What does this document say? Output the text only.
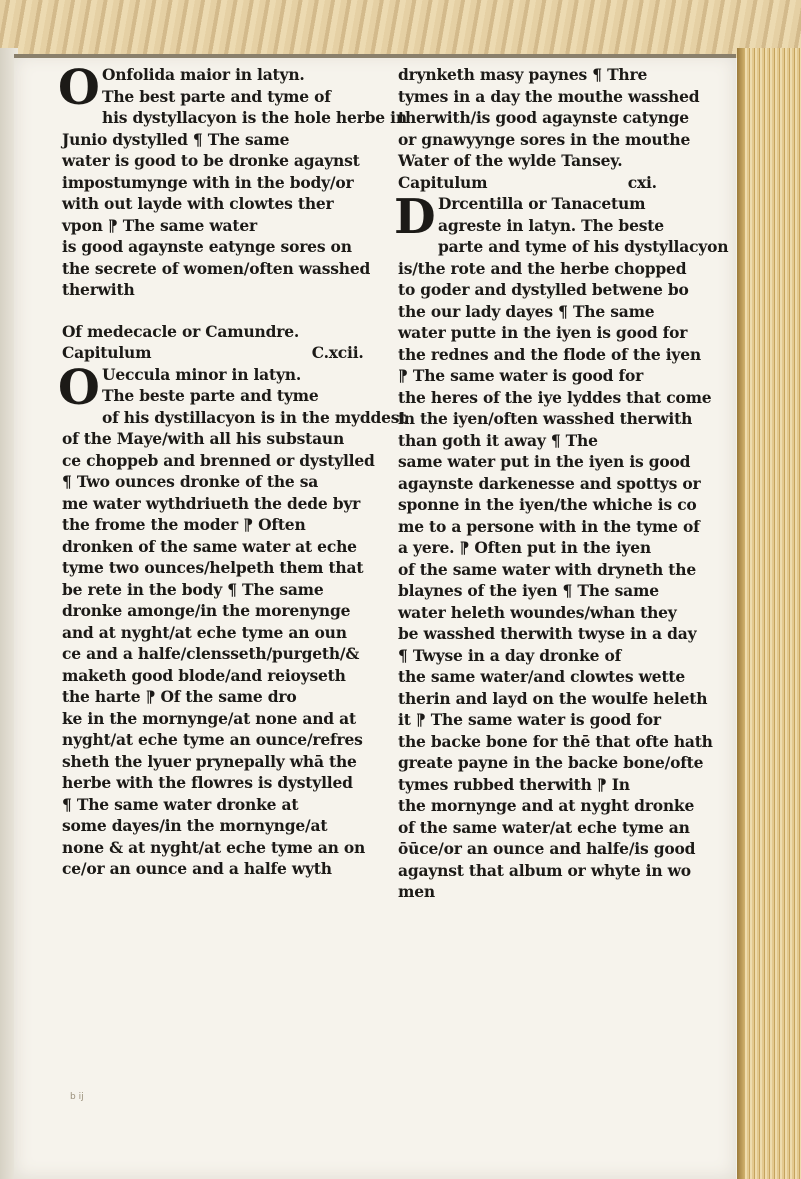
O Onfolida maior in latyn.
The best parte and tyme of
his dystyllacyon is the hole herbe in
Junio dystylled ¶ The same
water is good to be dronke agaynst
impostumynge with in the body/or
with out layde with clowtes ther
vpon ⁋ The same water
is good agaynste eatynge sores on
the secrete of women/often wasshed
therwith
Of medecacle or Camundre.
Capitulum	C.xcii.
O Ueccula minor in latyn.
The beste parte and tyme
of his dystillacyon is in the myddest
of the Maye/with all his substaun
ce choppeb and brenned or dystylled
¶ Two ounces dronke of the sa
me water wythdriueth the dede byr
the frome the moder ⁋ Often
dronken of the same water at eche
tyme two ounces/helpeth them that
be rete in the body ¶ The same
dronke amonge/in the morenynge
and at nyght/at eche tyme an oun
ce and a halfe/clensseth/purgeth/&
maketh good blode/and reioyseth
the harte ⁋ Of the same dro
ke in the mornynge/at none and at
nyght/at eche tyme an ounce/refres
sheth the lyuer prynepally whā the
herbe with the flowres is dystylled
¶ The same water dronke at
some dayes/in the mornynge/at
none & at nyght/at eche tyme an on
ce/or an ounce and a halfe wyth
drynketh masy paynes ¶ Thre
tymes in a day the mouthe wasshed
therwith/is good agaynste catynge
or gnawyynge sores in the mouthe
Water of the wylde Tansey.
Capitulum	cxi.
D Drcentilla or Tanacetum
agreste in latyn. The beste
parte and tyme of his dystyllacyon
is/the rote and the herbe chopped
to goder and dystylled betwene bo
the our lady dayes ¶ The same
water putte in the iyen is good for
the rednes and the flode of the iyen
⁋ The same water is good for
the heres of the iye lyddes that come
in the iyen/often wasshed therwith
than goth it away ¶ The
same water put in the iyen is good
agaynste darkenesse and spottys or
sponne in the iyen/the whiche is co
me to a persone with in the tyme of
a yere. ⁋ Often put in the iyen
of the same water with dryneth the
blaynes of the iyen ¶ The same
water heleth woundes/whan they
be wasshed therwith twyse in a day
¶ Twyse in a day dronke of
the same water/and clowtes wette
therin and layd on the woulfe heleth
it ⁋ The same water is good for
the backe bone for thē that ofte hath
greate payne in the backe bone/ofte
tymes rubbed therwith ⁋ In
the mornynge and at nyght dronke
of the same water/at eche tyme an
ōūce/or an ounce and halfe/is good
agaynst that album or whyte in wo
men
b ij
